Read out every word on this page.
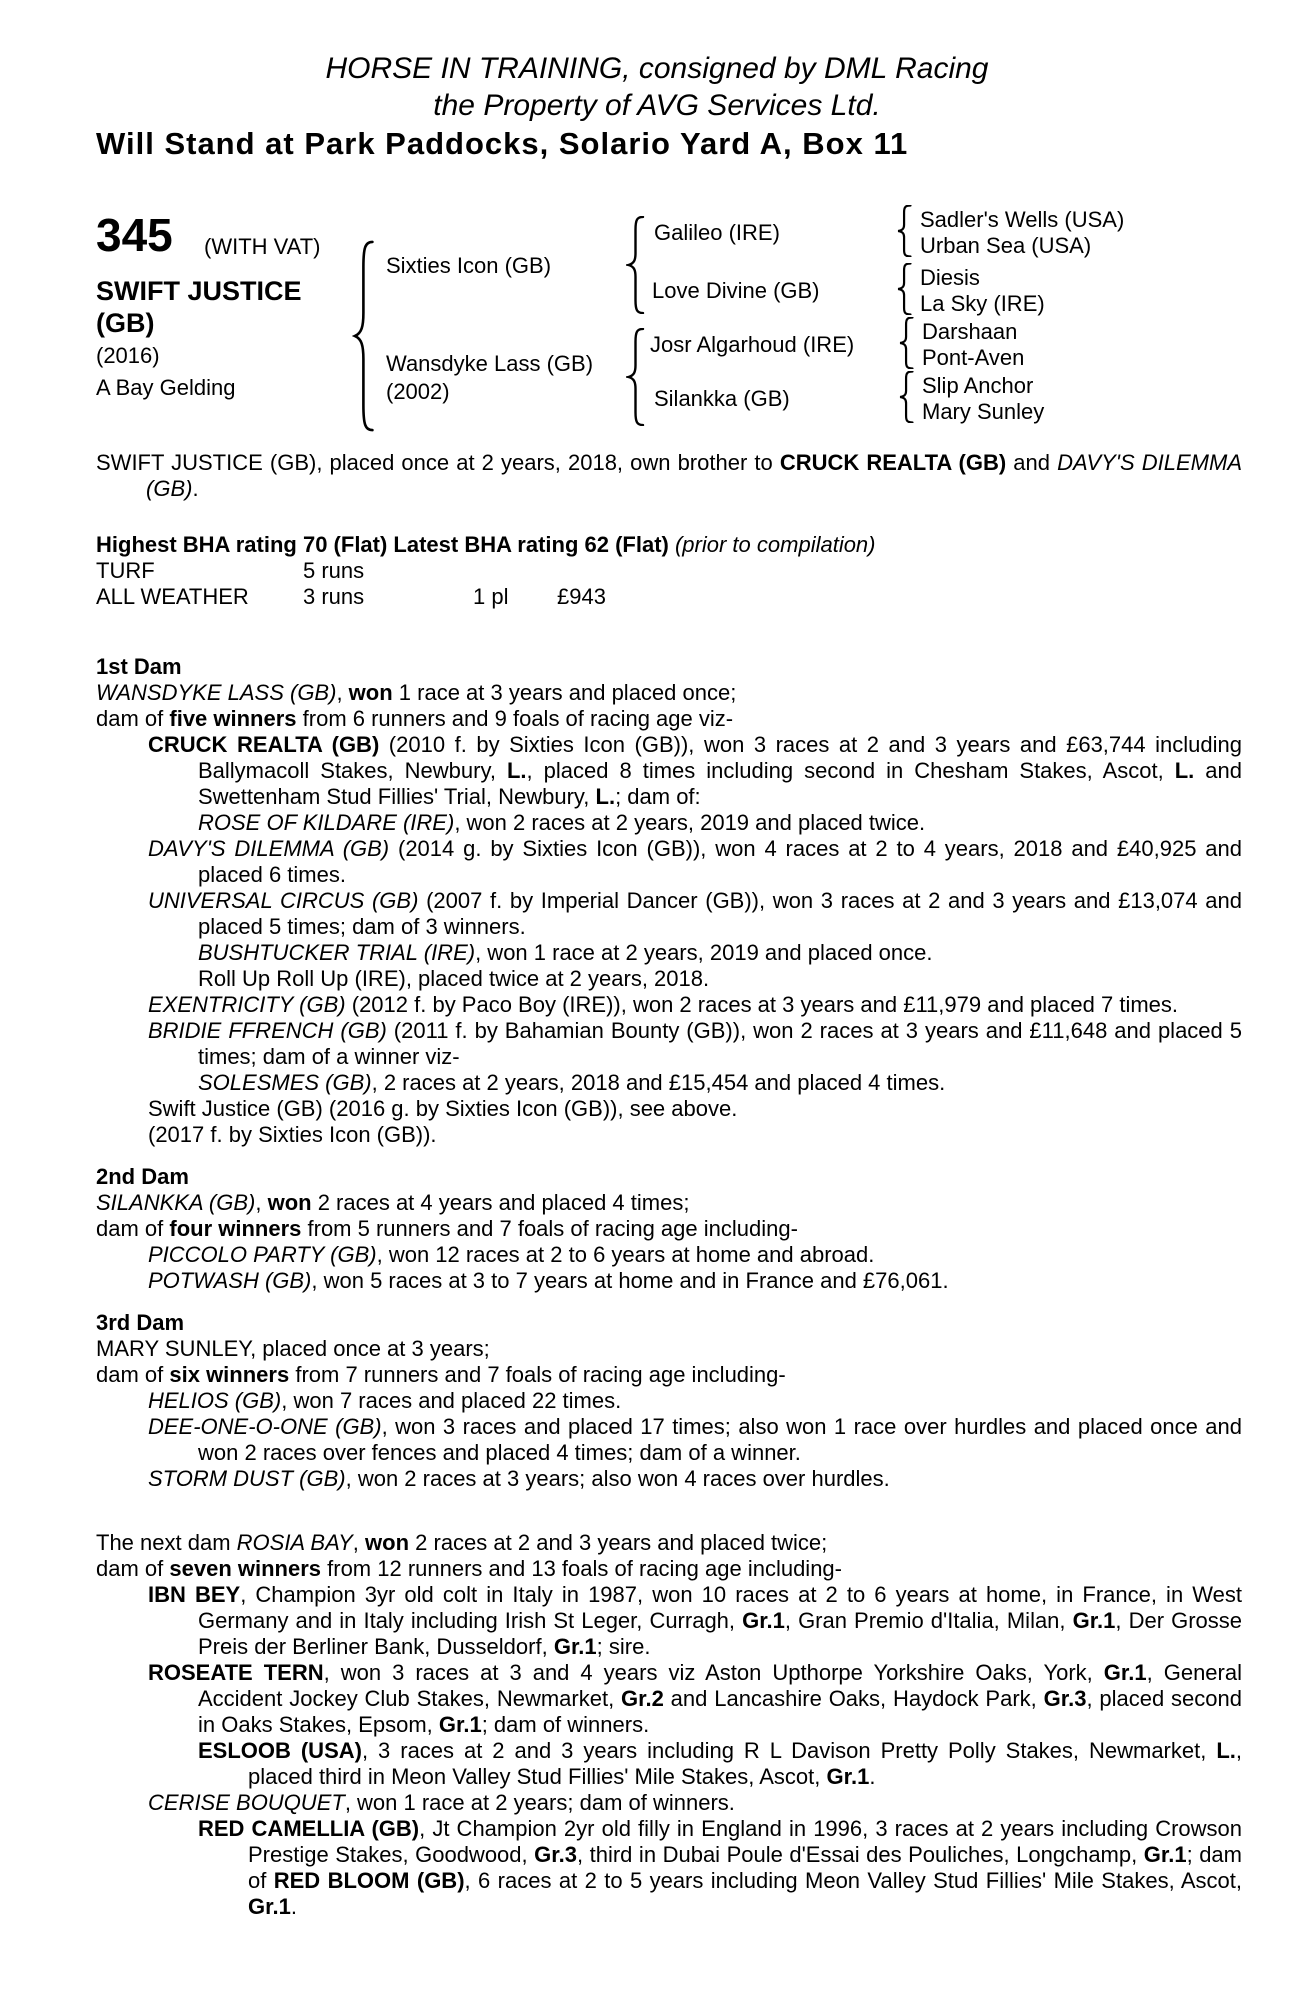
HORSE IN TRAINING, consigned by DML Racing
the Property of AVG Services Ltd.
Will Stand at Park Paddocks, Solario Yard A, Box 11
345 (WITH VAT)
SWIFT JUSTICE
(GB)
(2016)
A Bay Gelding
Sixties Icon (GB)
Wansdyke Lass (GB)
(2002)
Galileo (IRE)
Love Divine (GB)
Josr Algarhoud (IRE)
Silankka (GB)
Sadler's Wells (USA)
Urban Sea (USA)
Diesis
La Sky (IRE)
Darshaan
Pont-Aven
Slip Anchor
Mary Sunley

SWIFT JUSTICE (GB), placed once at 2 years, 2018, own brother to CRUCK REALTA (GB) and DAVY'S DILEMMA (GB).

Highest BHA rating 70 (Flat) Latest BHA rating 62 (Flat) (prior to compilation)

TURF	5 runs
ALL WEATHER	3 runs	1 pl	£943

1st Dam

WANSDYKE LASS (GB), won 1 race at 3 years and placed once;

dam of five winners from 6 runners and 9 foals of racing age viz-

CRUCK REALTA (GB) (2010 f. by Sixties Icon (GB)), won 3 races at 2 and 3 years and £63,744 including Ballymacoll Stakes, Newbury, L., placed 8 times including second in Chesham Stakes, Ascot, L. and Swettenham Stud Fillies' Trial, Newbury, L.; dam of:

ROSE OF KILDARE (IRE), won 2 races at 2 years, 2019 and placed twice.

DAVY'S DILEMMA (GB) (2014 g. by Sixties Icon (GB)), won 4 races at 2 to 4 years, 2018 and £40,925 and placed 6 times.

UNIVERSAL CIRCUS (GB) (2007 f. by Imperial Dancer (GB)), won 3 races at 2 and 3 years and £13,074 and placed 5 times; dam of 3 winners.

BUSHTUCKER TRIAL (IRE), won 1 race at 2 years, 2019 and placed once.

Roll Up Roll Up (IRE), placed twice at 2 years, 2018.

EXENTRICITY (GB) (2012 f. by Paco Boy (IRE)), won 2 races at 3 years and £11,979 and placed 7 times.

BRIDIE FFRENCH (GB) (2011 f. by Bahamian Bounty (GB)), won 2 races at 3 years and £11,648 and placed 5 times; dam of a winner viz-

SOLESMES (GB), 2 races at 2 years, 2018 and £15,454 and placed 4 times.

Swift Justice (GB) (2016 g. by Sixties Icon (GB)), see above.

(2017 f. by Sixties Icon (GB)).

2nd Dam

SILANKKA (GB), won 2 races at 4 years and placed 4 times;

dam of four winners from 5 runners and 7 foals of racing age including-

PICCOLO PARTY (GB), won 12 races at 2 to 6 years at home and abroad.

POTWASH (GB), won 5 races at 3 to 7 years at home and in France and £76,061.

3rd Dam

MARY SUNLEY, placed once at 3 years;

dam of six winners from 7 runners and 7 foals of racing age including-

HELIOS (GB), won 7 races and placed 22 times.

DEE-ONE-O-ONE (GB), won 3 races and placed 17 times; also won 1 race over hurdles and placed once and won 2 races over fences and placed 4 times; dam of a winner.

STORM DUST (GB), won 2 races at 3 years; also won 4 races over hurdles.

The next dam ROSIA BAY, won 2 races at 2 and 3 years and placed twice;

dam of seven winners from 12 runners and 13 foals of racing age including-

IBN BEY, Champion 3yr old colt in Italy in 1987, won 10 races at 2 to 6 years at home, in France, in West Germany and in Italy including Irish St Leger, Curragh, Gr.1, Gran Premio d'Italia, Milan, Gr.1, Der Grosse Preis der Berliner Bank, Dusseldorf, Gr.1; sire.

ROSEATE TERN, won 3 races at 3 and 4 years viz Aston Upthorpe Yorkshire Oaks, York, Gr.1, General Accident Jockey Club Stakes, Newmarket, Gr.2 and Lancashire Oaks, Haydock Park, Gr.3, placed second in Oaks Stakes, Epsom, Gr.1; dam of winners.

ESLOOB (USA), 3 races at 2 and 3 years including R L Davison Pretty Polly Stakes, Newmarket, L., placed third in Meon Valley Stud Fillies' Mile Stakes, Ascot, Gr.1.

CERISE BOUQUET, won 1 race at 2 years; dam of winners.

RED CAMELLIA (GB), Jt Champion 2yr old filly in England in 1996, 3 races at 2 years including Crowson Prestige Stakes, Goodwood, Gr.3, third in Dubai Poule d'Essai des Pouliches, Longchamp, Gr.1; dam of RED BLOOM (GB), 6 races at 2 to 5 years including Meon Valley Stud Fillies' Mile Stakes, Ascot, Gr.1.
